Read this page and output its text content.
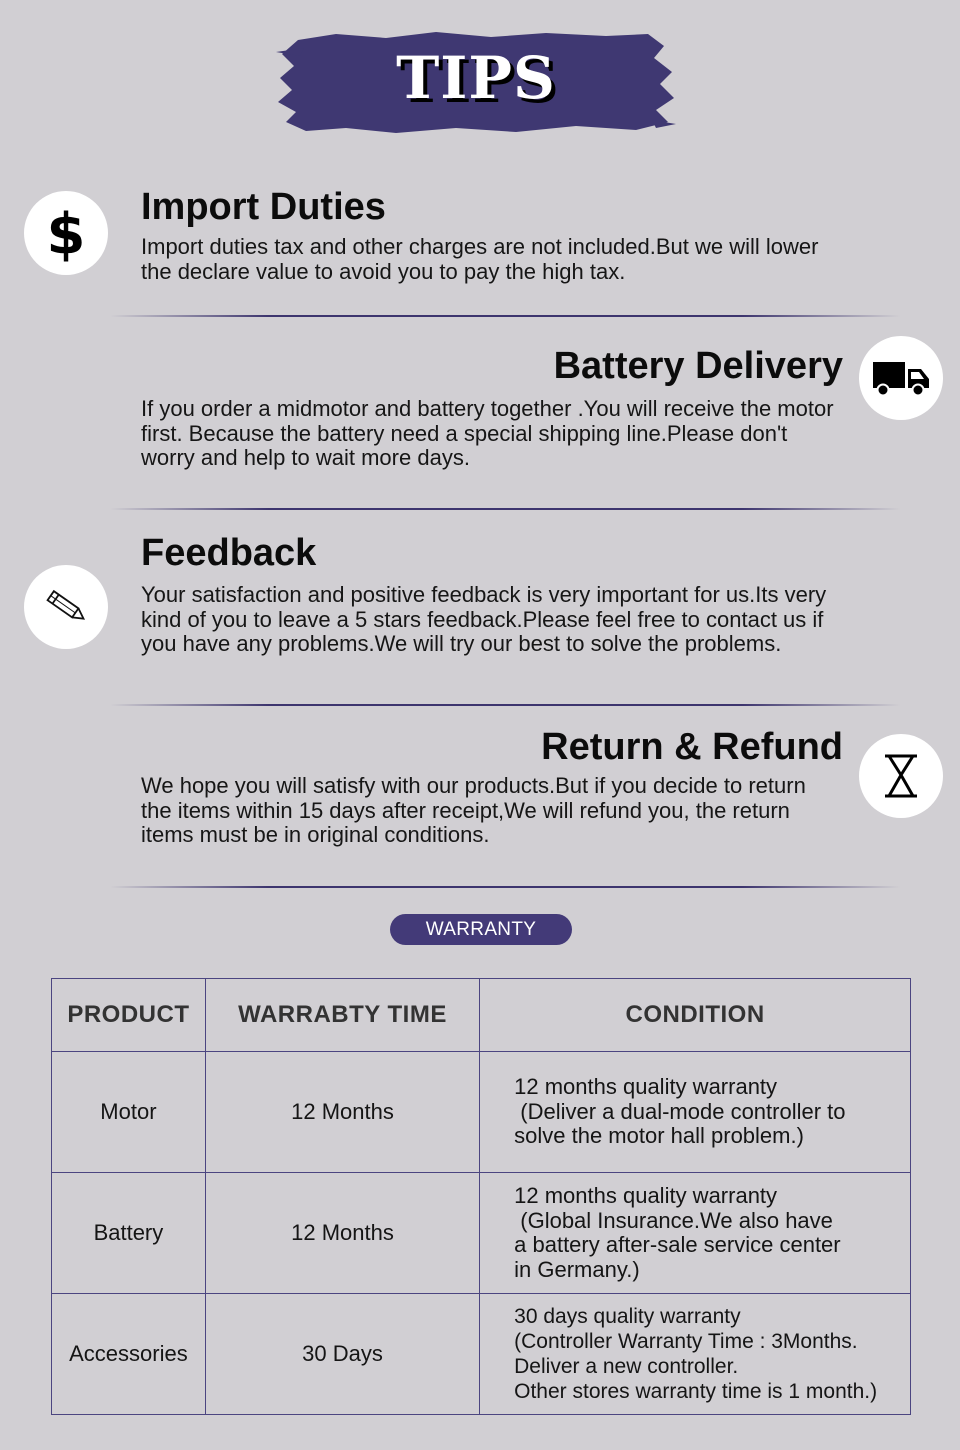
TIPS
$ Import Duties
Import duties tax and other charges are not included.But we will lower the declare value to avoid you to pay the high tax.
Battery Delivery
If you order a midmotor and battery together .You will receive the motor first. Because the battery need a special shipping line.Please don't worry and help to wait more days.
Feedback
Your satisfaction and positive feedback is very important for us.Its very kind of you to leave a 5 stars feedback.Please feel free to contact us if you have any problems.We will try our best to solve the problems.
Return & Refund
We hope you will satisfy with our products.But if you decide to return the items within 15 days after receipt,We will refund you, the return items must be in original conditions.
WARRANTY
PRODUCT	WARRABTY TIME	CONDITION
Motor	12 Months	12 months quality warranty
(Deliver a dual-mode controller to
solve the motor hall problem.)

Battery	12 Months	12 months quality warranty
(Global Insurance.We also have
a battery after-sale service center
in Germany.)

Accessories	30 Days	30 days quality warranty
(Controller Warranty Time : 3Months.
Deliver a new controller.
Other stores warranty time is 1 month.)
